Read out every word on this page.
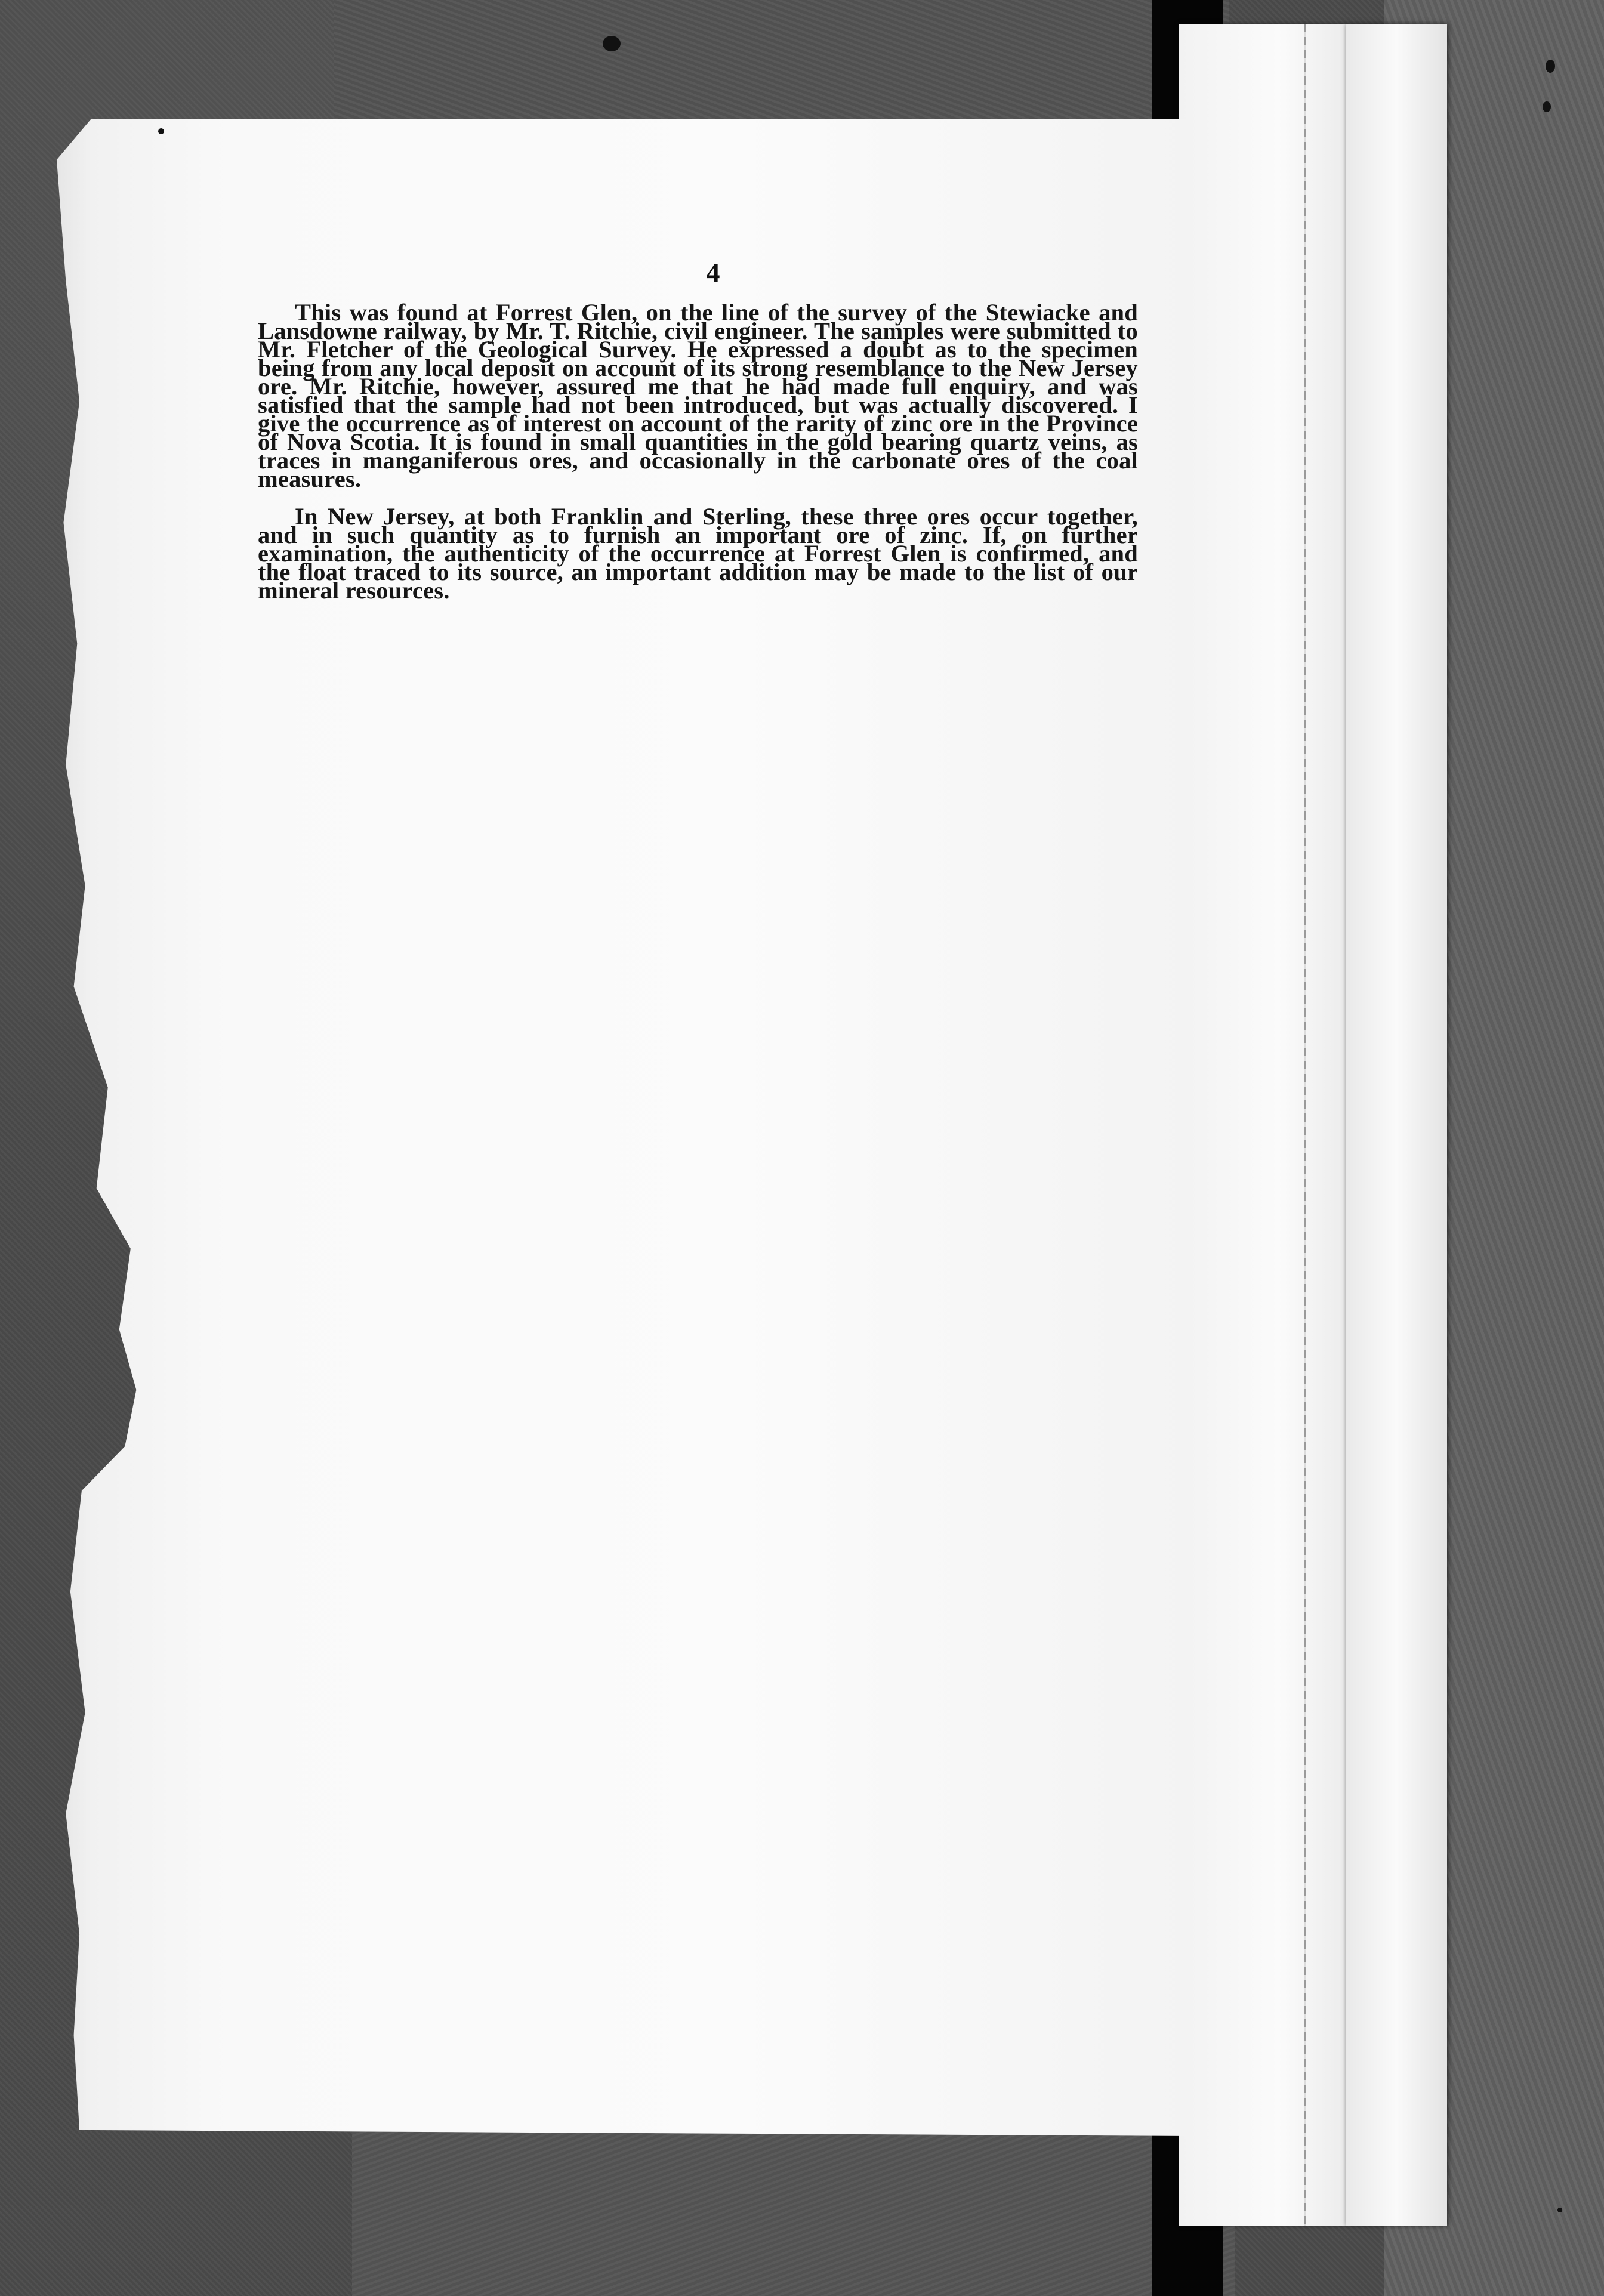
4

This was found at Forrest Glen, on the line of the survey of the Stewiacke and Lansdowne railway, by Mr. T. Ritchie, civil engineer. The samples were submitted to Mr. Fletcher of the Geological Survey. He expressed a doubt as to the specimen being from any local deposit on account of its strong resemblance to the New Jersey ore. Mr. Ritchie, however, assured me that he had made full enquiry, and was satisfied that the sample had not been introduced, but was actually discovered. I give the occurrence as of interest on account of the rarity of zinc ore in the Province of Nova Scotia. It is found in small quantities in the gold bearing quartz veins, as traces in manganiferous ores, and occasionally in the carbonate ores of the coal measures.

In New Jersey, at both Franklin and Sterling, these three ores occur together, and in such quantity as to furnish an important ore of zinc. If, on further examination, the authenticity of the occurrence at Forrest Glen is confirmed, and the float traced to its source, an important addition may be made to the list of our mineral resources.
